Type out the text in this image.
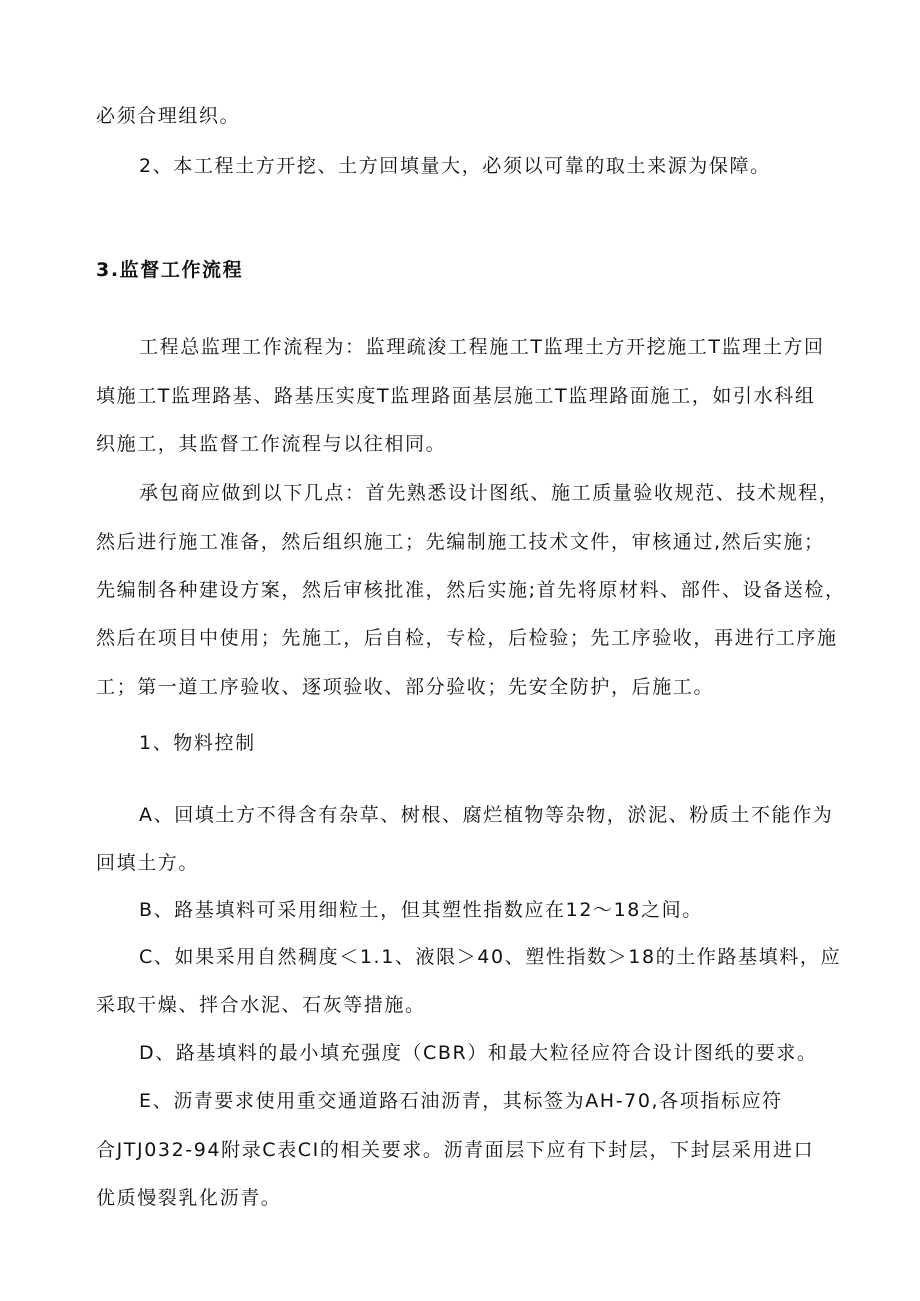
必须合理组织。
2、本工程土方开挖、土方回填量大，必须以可靠的取土来源为保障。
3.监督工作流程
工程总监理工作流程为：监理疏浚工程施工T监理土方开挖施工T监理土方回
填施工T监理路基、路基压实度T监理路面基层施工T监理路面施工，如引水科组
织施工，其监督工作流程与以往相同。
承包商应做到以下几点：首先熟悉设计图纸、施工质量验收规范、技术规程，
然后进行施工准备，然后组织施工；先编制施工技术文件，审核通过,然后实施；
先编制各种建设方案，然后审核批准，然后实施;首先将原材料、部件、设备送检，
然后在项目中使用；先施工，后自检，专检，后检验；先工序验收，再进行工序施
工；第一道工序验收、逐项验收、部分验收；先安全防护，后施工。
1、物料控制
A、回填土方不得含有杂草、树根、腐烂植物等杂物，淤泥、粉质土不能作为
回填土方。
B、路基填料可采用细粒土，但其塑性指数应在12～18之间。
C、如果采用自然稠度＜1.1、液限＞40、塑性指数＞18的土作路基填料，应
采取干燥、拌合水泥、石灰等措施。
D、路基填料的最小填充强度（CBR）和最大粒径应符合设计图纸的要求。
E、沥青要求使用重交通道路石油沥青，其标签为AH-70,各项指标应符
合JTJ032-94附录C表CI的相关要求。沥青面层下应有下封层，下封层采用进口
优质慢裂乳化沥青。
